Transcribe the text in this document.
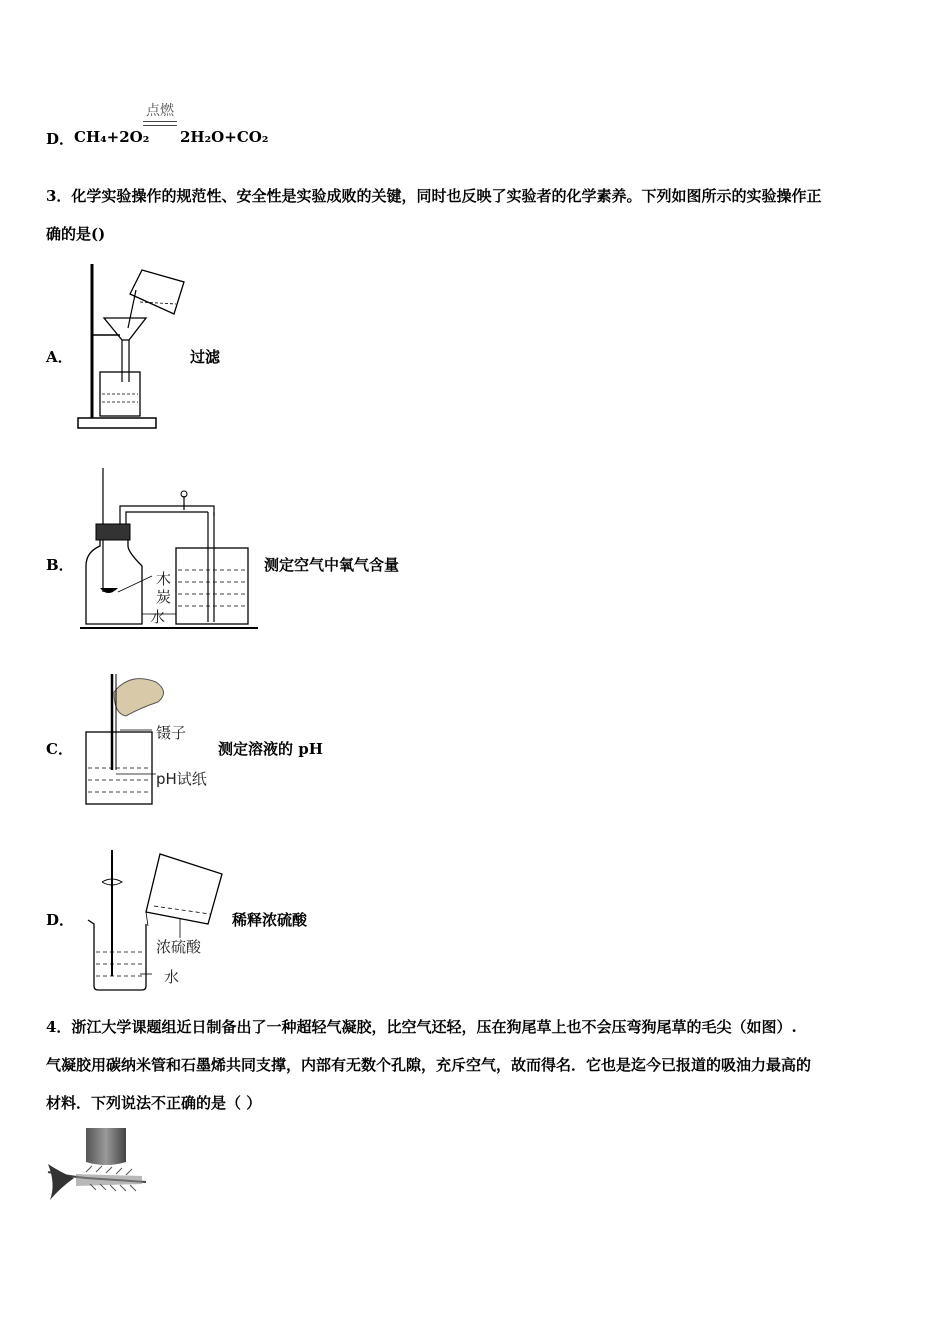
D． CH₄+2O₂
点燃
2H₂O+CO₂
3．化学实验操作的规范性、安全性是实验成败的关键，同时也反映了实验者的化学素养。下列如图所示的实验操作正
确的是()
A．	过滤
B．
木
炭
水
测定空气中氧气含量
C．
镊子
pH试纸
测定溶液的 pH
D．
浓硫酸
水
稀释浓硫酸
4．浙江大学课题组近日制备出了一种超轻气凝胶，比空气还轻，压在狗尾草上也不会压弯狗尾草的毛尖（如图）.
气凝胶用碳纳米管和石墨烯共同支撑，内部有无数个孔隙，充斥空气，故而得名．它也是迄今已报道的吸油力最高的
材料．下列说法不正确的是（ ）
